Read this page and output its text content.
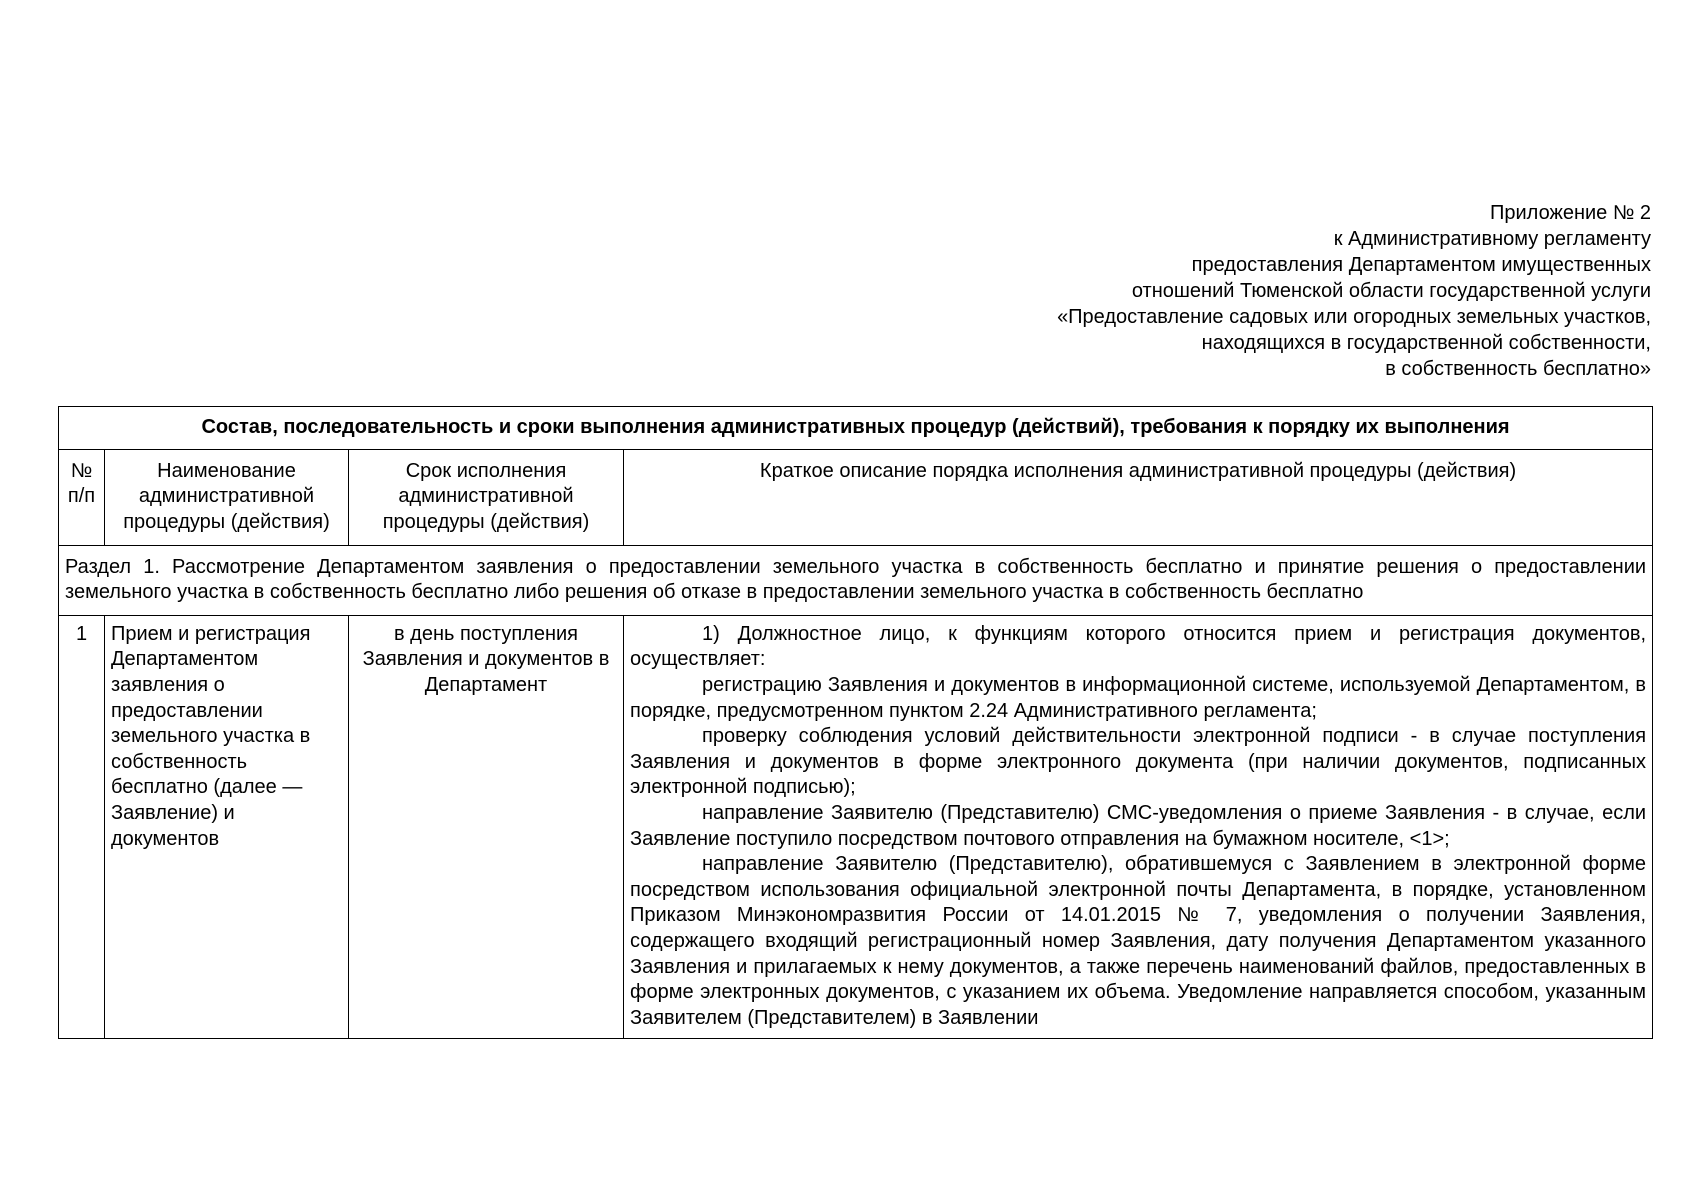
Приложение № 2
к Административному регламенту
предоставления Департаментом имущественных
отношений Тюменской области государственной услуги
«Предоставление садовых или огородных земельных участков,
находящихся в государственной собственности,
в собственность бесплатно»
Состав, последовательность и сроки выполнения административных процедур (действий), требования к порядку их выполнения			
№ п/п	Наименование административной процедуры (действия)	Срок исполнения административной процедуры (действия)	Краткое описание порядка исполнения административной процедуры (действия)
Раздел 1. Рассмотрение Департаментом заявления о предоставлении земельного участка в собственность бесплатно и принятие решения о предоставлении земельного участка в собственность бесплатно либо решения об отказе в предоставлении земельного участка в собственность бесплатно			
1	Прием и регистрация Департаментом заявления о предоставлении земельного участка в собственность бесплатно (далее — Заявление) и документов	в день поступления Заявления и документов в Департамент	1) Должностное лицо, к функциям которого относится прием и регистрация документов, осуществляет:

регистрацию Заявления и документов в информационной системе, используемой Департаментом, в порядке, предусмотренном пунктом 2.24 Административного регламента;

проверку соблюдения условий действительности электронной подписи - в случае поступления Заявления и документов в форме электронного документа (при наличии документов, подписанных электронной подписью);

направление Заявителю (Представителю) СМС-уведомления о приеме Заявления - в случае, если Заявление поступило посредством почтового отправления на бумажном носителе, <1>;

направление Заявителю (Представителю), обратившемуся с Заявлением в электронной форме посредством использования официальной электронной почты Департамента, в порядке, установленном Приказом Минэкономразвития России от 14.01.2015 № 7, уведомления о получении Заявления, содержащего входящий регистрационный номер Заявления, дату получения Департаментом указанного Заявления и прилагаемых к нему документов, а также перечень наименований файлов, предоставленных в форме электронных документов, с указанием их объема. Уведомление направляется способом, указанным Заявителем (Представителем) в Заявлении
